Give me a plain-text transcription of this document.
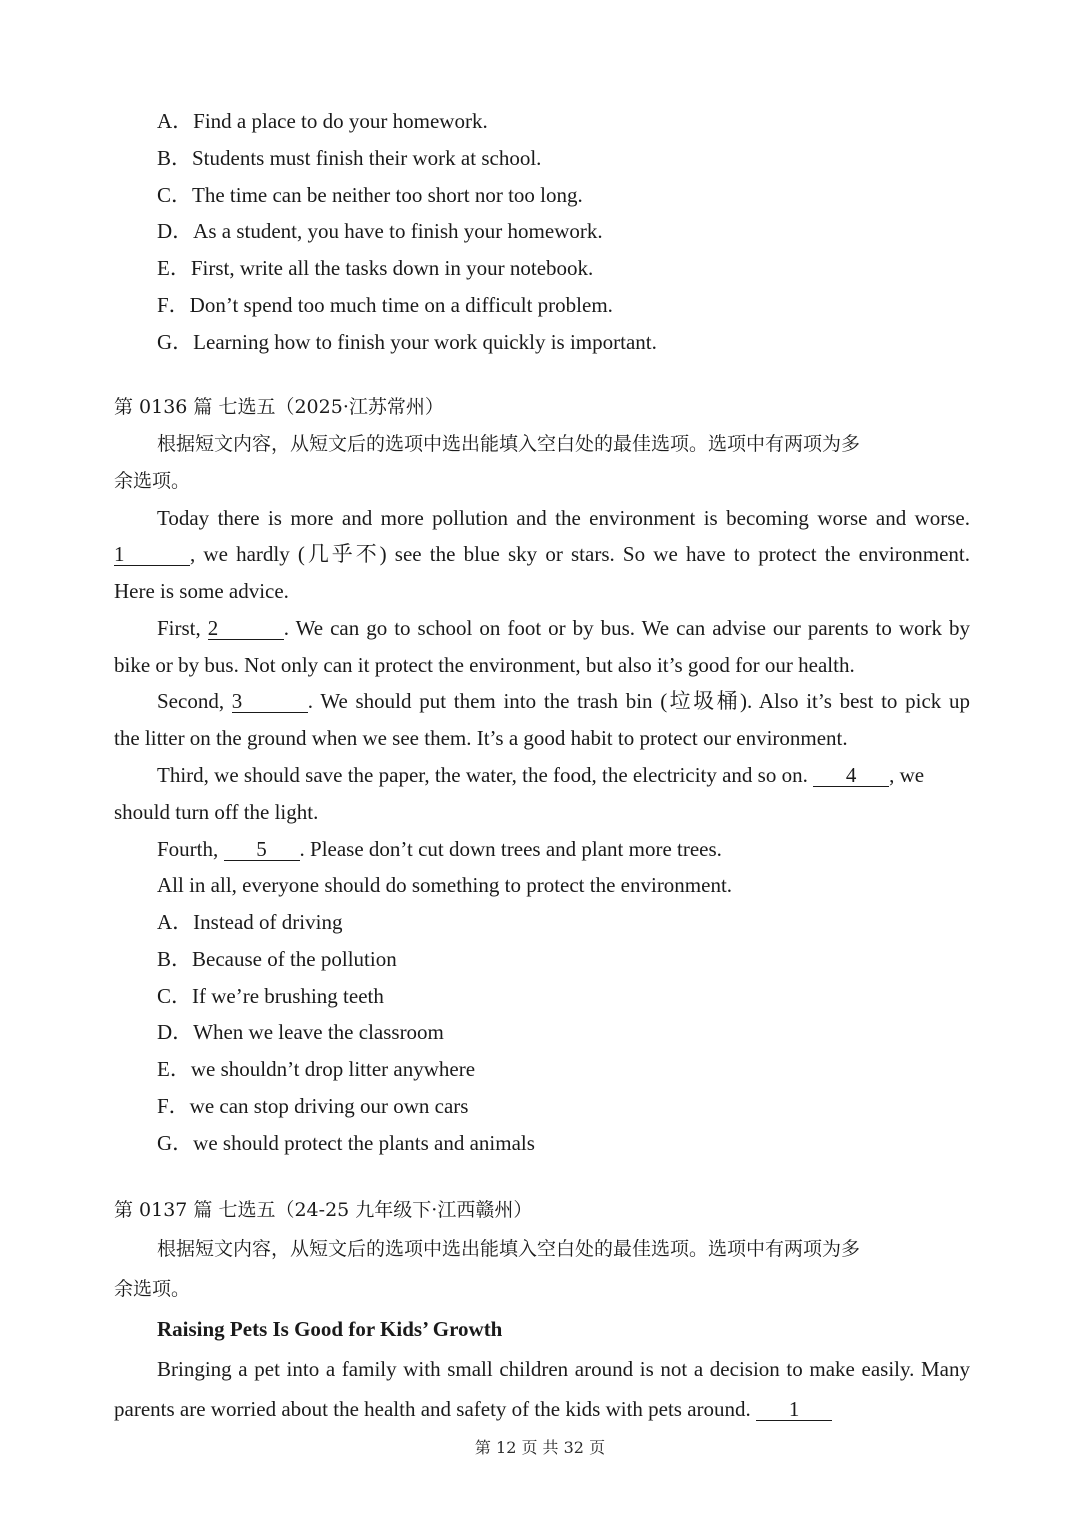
A．Find a place to do your homework.
B．Students must finish their work at school.
C．The time can be neither too short nor too long.
D．As a student, you have to finish your homework.
E．First, write all the tasks down in your notebook.
F．Don’t spend too much time on a difficult problem.
G．Learning how to finish your work quickly is important.
第 0136 篇 七选五（2025·江苏常州）
根据短文内容，从短文后的选项中选出能填入空白处的最佳选项。选项中有两项为多
余选项。
Today there is more and more pollution and the environment is becoming worse and worse.
1	, we hardly (几乎不) see the blue sky or stars. So we have to protect the environment.
Here is some advice.
First, 2	. We can go to school on foot or by bus. We can advise our parents to work by
bike or by bus. Not only can it protect the environment, but also it’s good for our health.
Second, 3	. We should put them into the trash bin (垃圾桶). Also it’s best to pick up
the litter on the ground when we see them. It’s a good habit to protect our environment.
Third, we should save the paper, the water, the food, the electricity and so on. 4 , we
should turn off the light.
Fourth, 5 . Please don’t cut down trees and plant more trees.
All in all, everyone should do something to protect the environment.
A．Instead of driving
B．Because of the pollution
C．If we’re brushing teeth
D．When we leave the classroom
E．we shouldn’t drop litter anywhere
F．we can stop driving our own cars
G．we should protect the plants and animals
第 0137 篇 七选五（24-25 九年级下·江西赣州）
根据短文内容，从短文后的选项中选出能填入空白处的最佳选项。选项中有两项为多
余选项。
Raising Pets Is Good for Kids’ Growth
Bringing a pet into a family with small children around is not a decision to make easily. Many
parents are worried about the health and safety of the kids with pets around. 1
第 12 页 共 32 页
